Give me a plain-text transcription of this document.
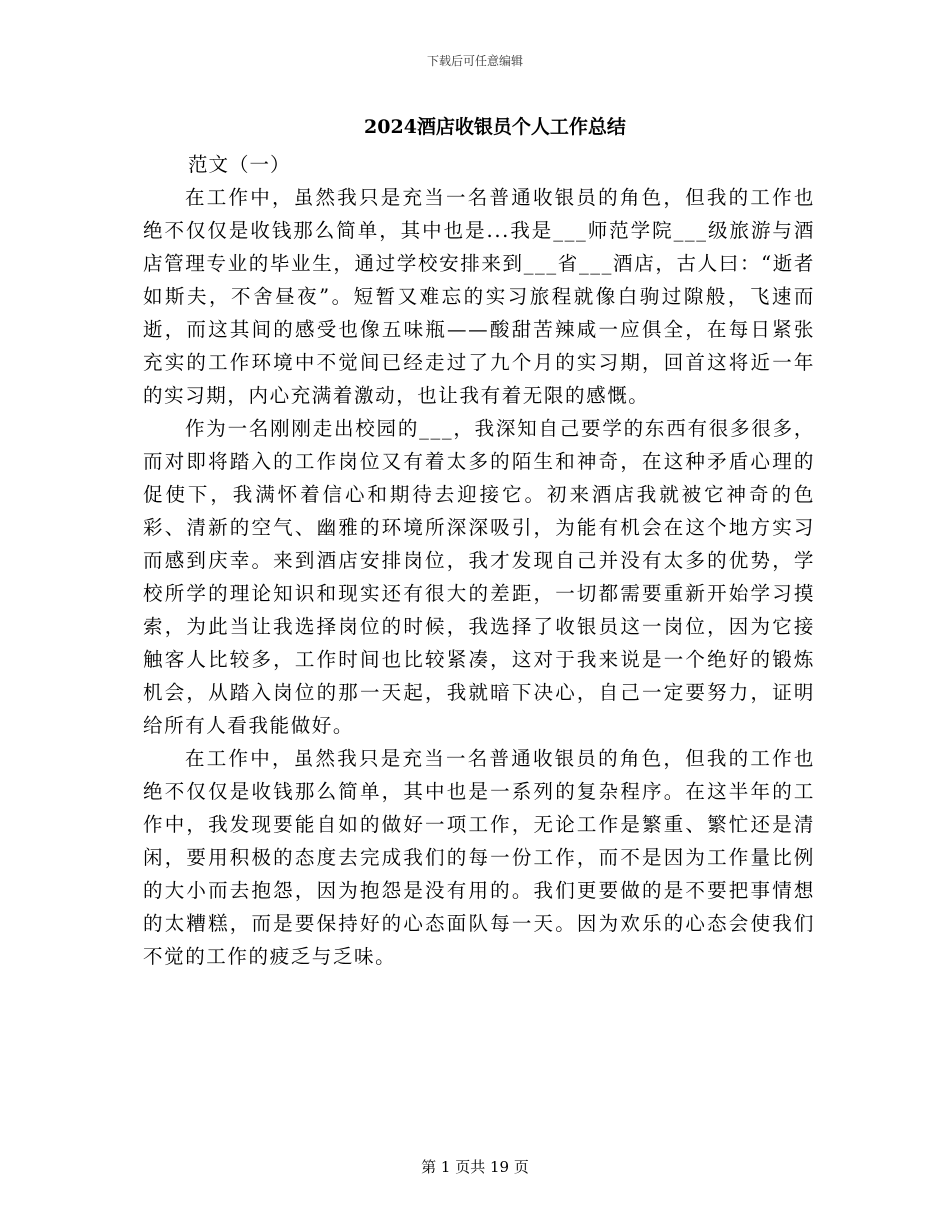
下载后可任意编辑
2024酒店收银员个人工作总结
范文（一）

在工作中，虽然我只是充当一名普通收银员的角色，但我的工作也绝不仅仅是收钱那么简单，其中也是...我是___师范学院___级旅游与酒店管理专业的毕业生，通过学校安排来到___省___酒店，古人曰：“逝者如斯夫，不舍昼夜”。短暂又难忘的实习旅程就像白驹过隙般，飞速而逝，而这其间的感受也像五味瓶——酸甜苦辣咸一应俱全，在每日紧张充实的工作环境中不觉间已经走过了九个月的实习期，回首这将近一年的实习期，内心充满着激动，也让我有着无限的感慨。

作为一名刚刚走出校园的___，我深知自己要学的东西有很多很多，而对即将踏入的工作岗位又有着太多的陌生和神奇，在这种矛盾心理的促使下，我满怀着信心和期待去迎接它。初来酒店我就被它神奇的色彩、清新的空气、幽雅的环境所深深吸引，为能有机会在这个地方实习而感到庆幸。来到酒店安排岗位，我才发现自己并没有太多的优势，学校所学的理论知识和现实还有很大的差距，一切都需要重新开始学习摸索，为此当让我选择岗位的时候，我选择了收银员这一岗位，因为它接触客人比较多，工作时间也比较紧凑，这对于我来说是一个绝好的锻炼机会，从踏入岗位的那一天起，我就暗下决心，自己一定要努力，证明给所有人看我能做好。

在工作中，虽然我只是充当一名普通收银员的角色，但我的工作也绝不仅仅是收钱那么简单，其中也是一系列的复杂程序。在这半年的工作中，我发现要能自如的做好一项工作，无论工作是繁重、繁忙还是清闲，要用积极的态度去完成我们的每一份工作，而不是因为工作量比例的大小而去抱怨，因为抱怨是没有用的。我们更要做的是不要把事情想的太糟糕，而是要保持好的心态面队每一天。因为欢乐的心态会使我们不觉的工作的疲乏与乏味。

第 1 页共 19 页
